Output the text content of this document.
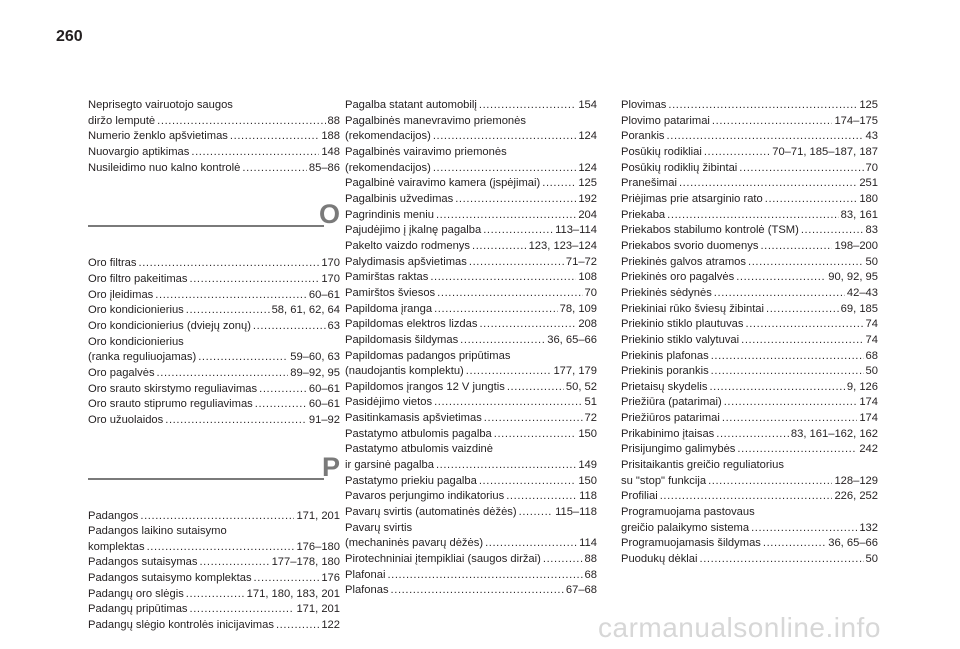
260
Neprisegto vairuotojo saugos
diržo lemputė .....	88
Numerio ženklo apšvietimas .....	188
Nuovargio aptikimas .....	148
Nusileidimo nuo kalno kontrolė .....	85–86
O
Oro filtras .....	170
Oro filtro pakeitimas .....	170
Oro įleidimas .....	60–61
Oro kondicionierius .....	58, 61, 62, 64
Oro kondicionierius (dviejų zonų) .....	63
Oro kondicionierius
(ranka reguliuojamas) .....	59–60, 63
Oro pagalvės .....	89–92, 95
Oro srauto skirstymo reguliavimas .....	60–61
Oro srauto stiprumo reguliavimas .....	60–61
Oro užuolaidos .....	91–92
P
Padangos .....	171, 201
Padangos laikino sutaisymo
komplektas .....	176–180
Padangos sutaisymas .....	177–178, 180
Padangos sutaisymo komplektas .....	176
Padangų oro slėgis .....	171, 180, 183, 201
Padangų pripūtimas .....	171, 201
Padangų slėgio kontrolės inicijavimas .....	122
Pagalba statant automobilį .....	154
Pagalbinės manevravimo priemonės
(rekomendacijos) .....	124
Pagalbinės vairavimo priemonės
(rekomendacijos) .....	124
Pagalbinė vairavimo kamera (įspėjimai) .....	125
Pagalbinis užvedimas .....	192
Pagrindinis meniu .....	204
Pajudėjimo į įkalnę pagalba .....	113–114
Pakelto vaizdo rodmenys .....	123, 123–124
Palydimasis apšvietimas .....	71–72
Pamirštas raktas .....	108
Pamirštos šviesos .....	70
Papildoma įranga .....	78, 109
Papildomas elektros lizdas .....	208
Papildomasis šildymas .....	36, 65–66
Papildomas padangos pripūtimas
(naudojantis komplektu) .....	177, 179
Papildomos įrangos 12 V jungtis .....	50, 52
Pasidėjimo vietos .....	51
Pasitinkamasis apšvietimas .....	72
Pastatymo atbulomis pagalba .....	150
Pastatymo atbulomis vaizdinė
ir garsinė pagalba .....	149
Pastatymo priekiu pagalba .....	150
Pavaros perjungimo indikatorius .....	118
Pavarų svirtis (automatinės dėžės) .....	115–118
Pavarų svirtis
(mechaninės pavarų dėžės) .....	114
Pirotechniniai įtempikliai (saugos diržai) .....	88
Plafonai .....	68
Plafonas .....	67–68
Plovimas .....	125
Plovimo patarimai .....	174–175
Porankis .....	43
Posūkių rodikliai .....	70–71, 185–187, 187
Posūkių rodiklių žibintai .....	70
Pranešimai .....	251
Priėjimas prie atsarginio rato .....	180
Priekaba .....	83, 161
Priekabos stabilumo kontrolė (TSM) .....	83
Priekabos svorio duomenys .....	198–200
Priekinės galvos atramos .....	50
Priekinės oro pagalvės .....	90, 92, 95
Priekinės sėdynės .....	42–43
Priekiniai rūko šviesų žibintai .....	69, 185
Priekinio stiklo plautuvas .....	74
Priekinio stiklo valytuvai .....	74
Priekinis plafonas .....	68
Priekinis porankis .....	50
Prietaisų skydelis .....	9, 126
Priežiūra (patarimai) .....	174
Priežiūros patarimai .....	174
Prikabinimo įtaisas .....	83, 161–162, 162
Prisijungimo galimybės .....	242
Prisitaikantis greičio reguliatorius
su "stop" funkcija .....	128–129
Profiliai .....	226, 252
Programuojama pastovaus
greičio palaikymo sistema .....	132
Programuojamasis šildymas .....	36, 65–66
Puodukų dėklai .....	50
carmanualsonline.info
